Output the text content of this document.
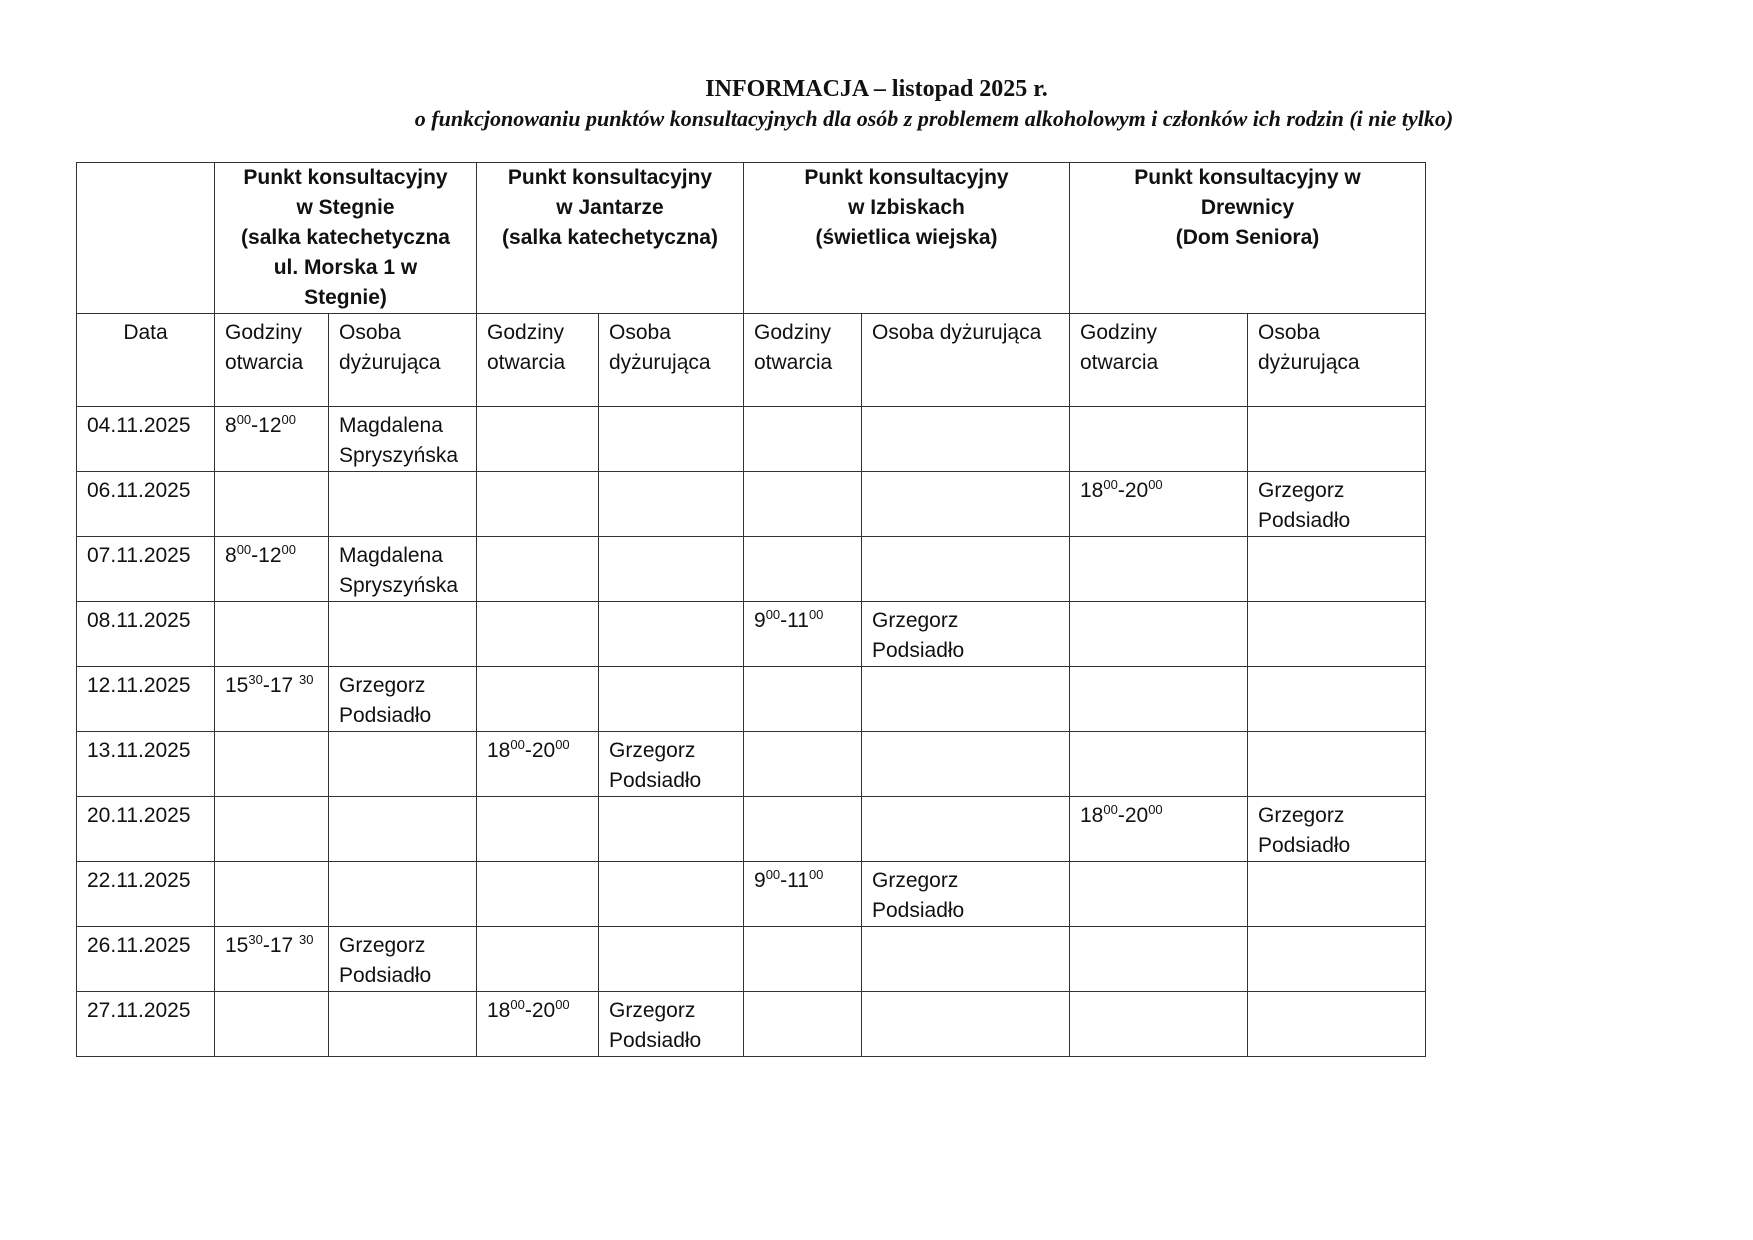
INFORMACJA – listopad 2025 r.
o funkcjonowaniu punktów konsultacyjnych dla osób z problemem alkoholowym i członków ich rodzin (i nie tylko)

	Punkt konsultacyjny
w Stegnie
(salka katechetyczna
ul. Morska 1 w
Stegnie)		Punkt konsultacyjny
w Jantarze
(salka katechetyczna)		Punkt konsultacyjny
w Izbiskach
(świetlica wiejska)		Punkt konsultacyjny w
Drewnicy
(Dom Seniora)	

Data	Godziny
otwarcia	Osoba
dyżurująca	Godziny
otwarcia	Osoba
dyżurująca	Godziny
otwarcia	Osoba dyżurująca	Godziny
otwarcia	Osoba
dyżurująca

04.11.2025	$8^{00}-12^{00}$	Magdalena
Spryszyńska						

06.11.2025							$18^{00}-20^{00}$	Grzegorz
Podsiadło

07.11.2025	$8^{00}-12^{00}$	Magdalena
Spryszyńska						

08.11.2025					$9^{00}-11^{00}$	Grzegorz
Podsiadło		

12.11.2025	$15^{30}-17$ $^{30}$	Grzegorz
Podsiadło						

13.11.2025			$18^{00}-20^{00}$	Grzegorz
Podsiadło				

20.11.2025							$18^{00}-20^{00}$	Grzegorz
Podsiadło

22.11.2025					$9^{00}-11^{00}$	Grzegorz
Podsiadło		

26.11.2025	$15^{30}-17$ $^{30}$	Grzegorz
Podsiadło						

27.11.2025			$18^{00}-20^{00}$	Grzegorz
Podsiadło				
